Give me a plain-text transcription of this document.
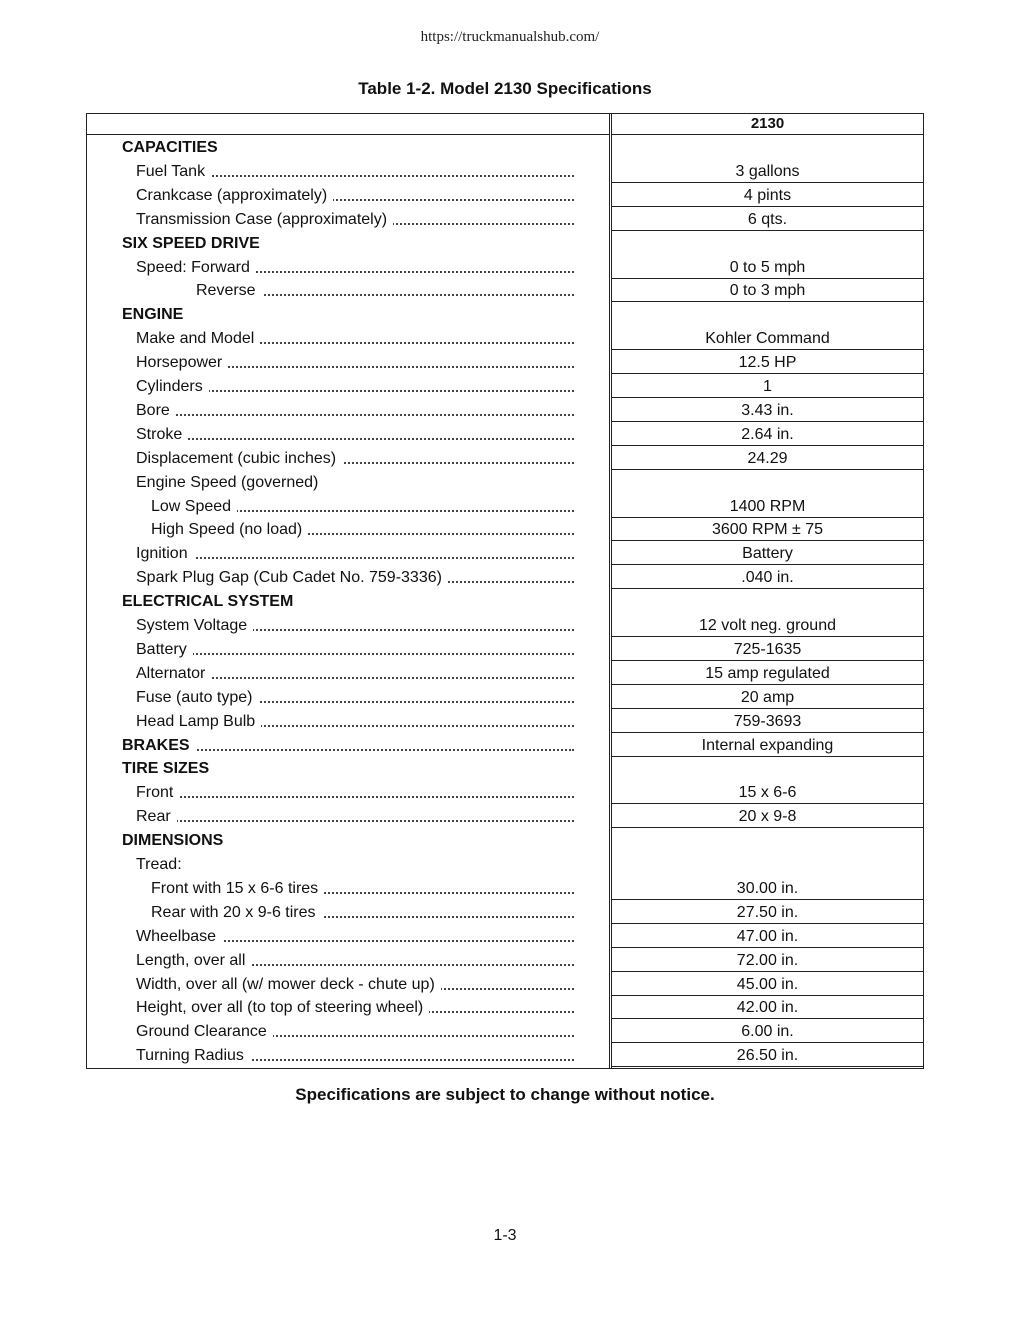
https://truckmanualshub.com/
Table 1-2. Model 2130 Specifications
2130
CAPACITIES
Fuel Tank	3 gallons
Crankcase (approximately)	4 pints
Transmission Case (approximately)	6 qts.
SIX SPEED DRIVE
Speed: Forward	0 to 5 mph
Reverse	0 to 3 mph
ENGINE
Make and Model	Kohler Command
Horsepower	12.5 HP
Cylinders	1
Bore	3.43 in.
Stroke	2.64 in.
Displacement (cubic inches)	24.29
Engine Speed (governed)
Low Speed	1400 RPM
High Speed (no load)	3600 RPM ± 75
Ignition	Battery
Spark Plug Gap (Cub Cadet No. 759-3336)	.040 in.
ELECTRICAL SYSTEM
System Voltage	12 volt neg. ground
Battery	725-1635
Alternator	15 amp regulated
Fuse (auto type)	20 amp
Head Lamp Bulb	759-3693
BRAKES	Internal expanding
TIRE SIZES
Front	15 x 6-6
Rear	20 x 9-8
DIMENSIONS
Tread:
Front with 15 x 6-6 tires	30.00 in.
Rear with 20 x 9-6 tires	27.50 in.
Wheelbase	47.00 in.
Length, over all	72.00 in.
Width, over all (w/ mower deck - chute up)	45.00 in.
Height, over all (to top of steering wheel)	42.00 in.
Ground Clearance	6.00 in.
Turning Radius	26.50 in.
Specifications are subject to change without notice.
1-3
